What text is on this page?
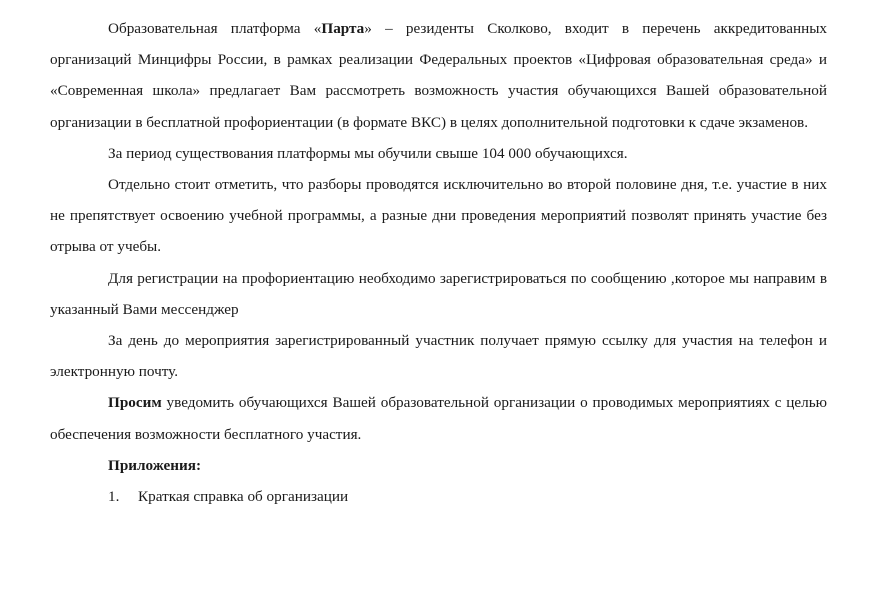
Образовательная платформа «Парта» – резиденты Сколково, входит в перечень аккредитованных организаций Минцифры России, в рамках реализации Федеральных проектов «Цифровая образовательная среда» и «Современная школа» предлагает Вам рассмотреть возможность участия обучающихся Вашей образовательной организации в бесплатной профориентации (в формате ВКС) в целях дополнительной подготовки к сдаче экзаменов.

За период существования платформы мы обучили свыше 104 000 обучающихся.

Отдельно стоит отметить, что разборы проводятся исключительно во второй половине дня, т.е. участие в них не препятствует освоению учебной программы, а разные дни проведения мероприятий позволят принять участие без отрыва от учебы.

Для регистрации на профориентацию необходимо зарегистрироваться по сообщению ,которое мы направим в указанный Вами мессенджер

За день до мероприятия зарегистрированный участник получает прямую ссылку для участия на телефон и электронную почту.

Просим уведомить обучающихся Вашей образовательной организации о проводимых мероприятиях с целью обеспечения возможности бесплатного участия.

Приложения:

1.	Краткая справка об организации
